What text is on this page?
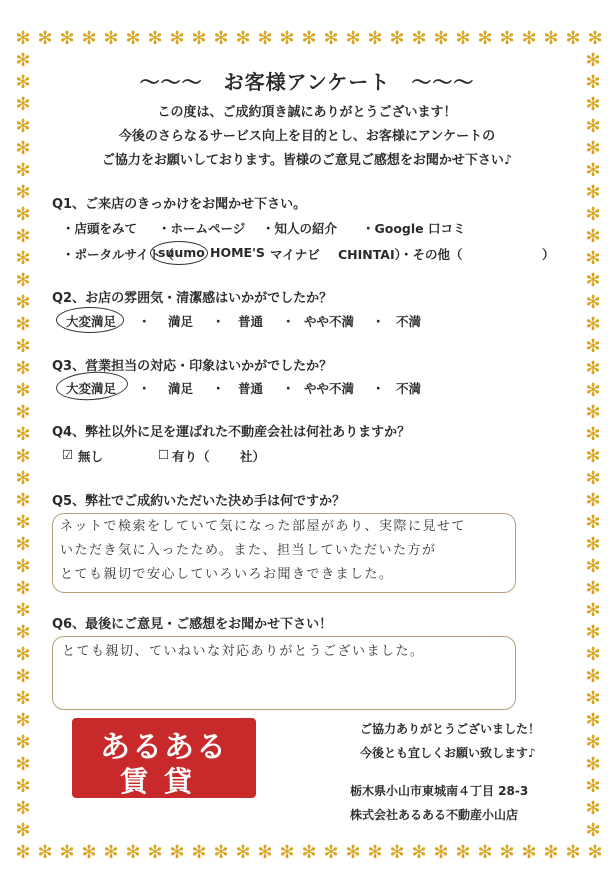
✻
✻
✻
✻
✻
✻
✻
✻
✻
✻
✻
✻
✻
✻
✻
✻
✻
✻
✻
✻
✻
✻
✻
✻
✻
✻
✻
✻
✻
✻
✻
✻
✻
✻
✻
✻
✻
✻
✻
✻
✻
✻
✻
✻
✻
✻
✻
✻
✻
✻
✻
✻
✻
✻
✻	✻
✻	✻
✻	✻
✻	✻
✻	✻
✻	✻
✻	✻
✻	✻
✻	✻
✻	✻
✻	✻
✻	✻
✻	✻
✻	✻
✻	✻
✻	✻
✻	✻
✻	✻
✻	✻
✻	✻
✻	✻
✻	✻
✻	✻
✻	✻
✻	✻
✻	✻
✻	✻
✻	✻
✻	✻
✻	✻
✻	✻
✻	✻
✻	✻
✻	✻
✻	✻
✻	✻
〜〜〜　お客様アンケート　〜〜〜
この度は、ご成約頂き誠にありがとうございます！
今後のさらなるサービス向上を目的とし、お客様にアンケートの
ご協力をお願いしております。皆様のご意見ご感想をお聞かせ下さい♪
Q1、ご来店のきっかけをお聞かせ下さい。
・店頭をみて ・ホームページ ・知人の紹介 ・Google 口コミ
・ポータルサイト（
suumo HOME'S マイナビ CHINTAI）
・その他（	）
Q2、お店の雰囲気・清潔感はいかがでしたか？
大変満足 ・ 満足 ・ 普通 ・ やや不満 ・ 不満
Q3、営業担当の対応・印象はいかがでしたか？
大変満足 ・ 満足 ・ 普通 ・ やや不満 ・ 不満
Q4、弊社以外に足を運ばれた不動産会社は何社ありますか？
☑ 無し	☐ 有り（ 社）
Q5、弊社でご成約いただいた決め手は何ですか？
ネットで検索をしていて気になった部屋があり、実際に見せて
いただき気に入ったため。また、担当していただいた方が
とても親切で安心していろいろお聞きできました。
Q6、最後にご意見・ご感想をお聞かせ下さい！
とても親切、ていねいな対応ありがとうございました。
あるある
賃貸
ご協力ありがとうございました！
今後とも宜しくお願い致します♪
栃木県小山市東城南４丁目 28-3
株式会社あるある不動産小山店
